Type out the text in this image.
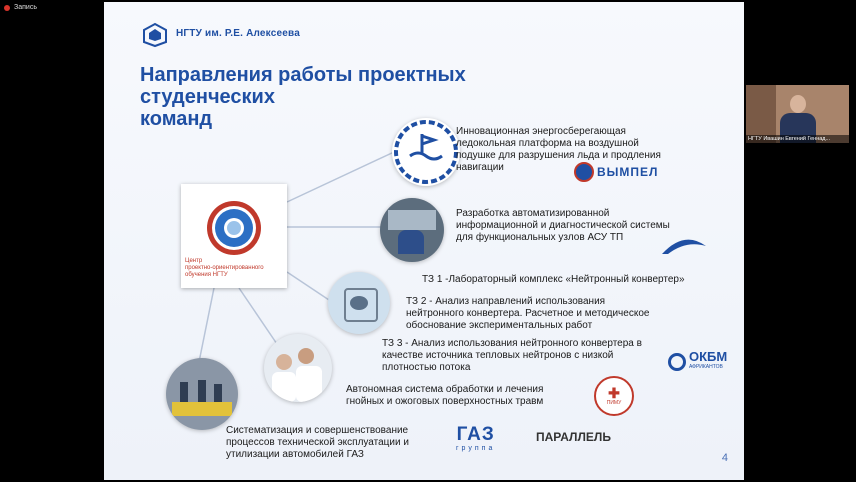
Запись
НГТУ им. Р.Е. Алексеева
Направления работы проектных
студенческих
команд
Центр
проектно-ориентированного
обучения НГТУ
Инновационная энергосберегающая
ледокольная платформа на воздушной
подушке для разрушения льда и продления
навигации
Разработка автоматизированной
информационной и диагностической системы
для функциональных узлов АСУ ТП
ТЗ 1 -Лабораторный комплекс «Нейтронный конвертер»
ТЗ 2 - Анализ направлений использования
нейтронного конвертера. Расчетное и методическое
обоснование экспериментальных работ
ТЗ 3 - Анализ использования нейтронного конвертера в
качестве источника тепловых нейтронов с низкой
плотностью потока
Автономная система обработки и лечения
гнойных и ожоговых поверхностных травм
Систематизация и совершенствование
процессов технической эксплуатации и
утилизации автомобилей ГАЗ
ВЫМПЕЛ
ОКБМ
АФРИКАНТОВ
✚
ПИМУ
ГАЗ
группа
ПАРАЛЛЕЛЬ
4
НГТУ Ивашин Евгений Геннад...
